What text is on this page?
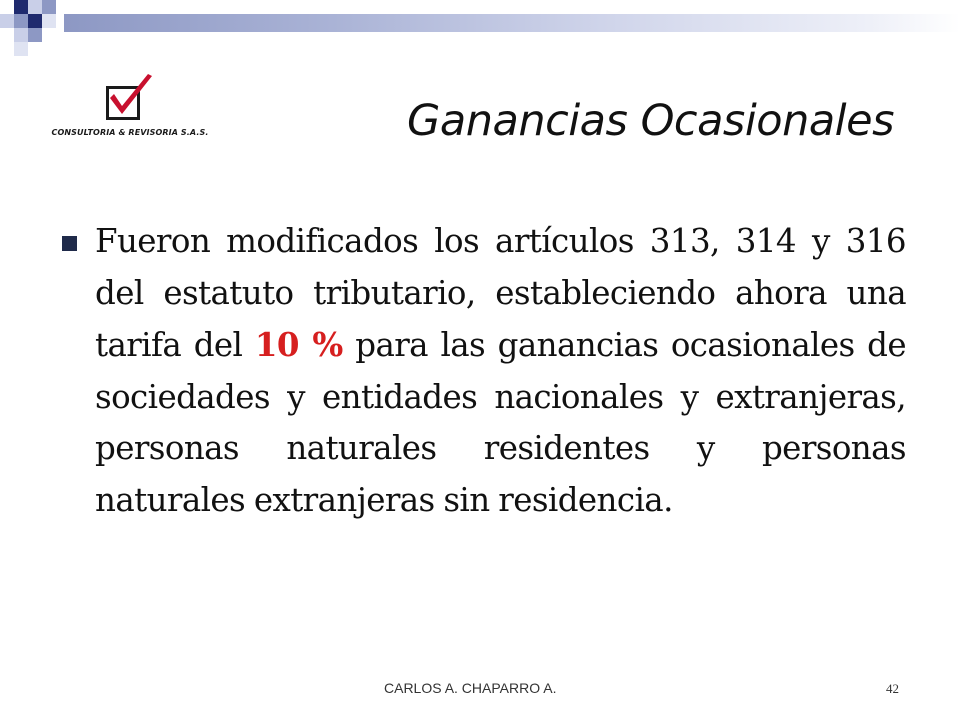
CONSULTORIA & REVISORIA S.A.S.	Ganancias Ocasionales
Fueron modificados los artículos 313, 314 y 316 del estatuto tributario, estableciendo ahora una tarifa del 10 % para las ganancias ocasionales de sociedades y entidades nacionales y extranjeras, personas naturales residentes y personas naturales extranjeras sin residencia.
CARLOS A. CHAPARRO A.	42
